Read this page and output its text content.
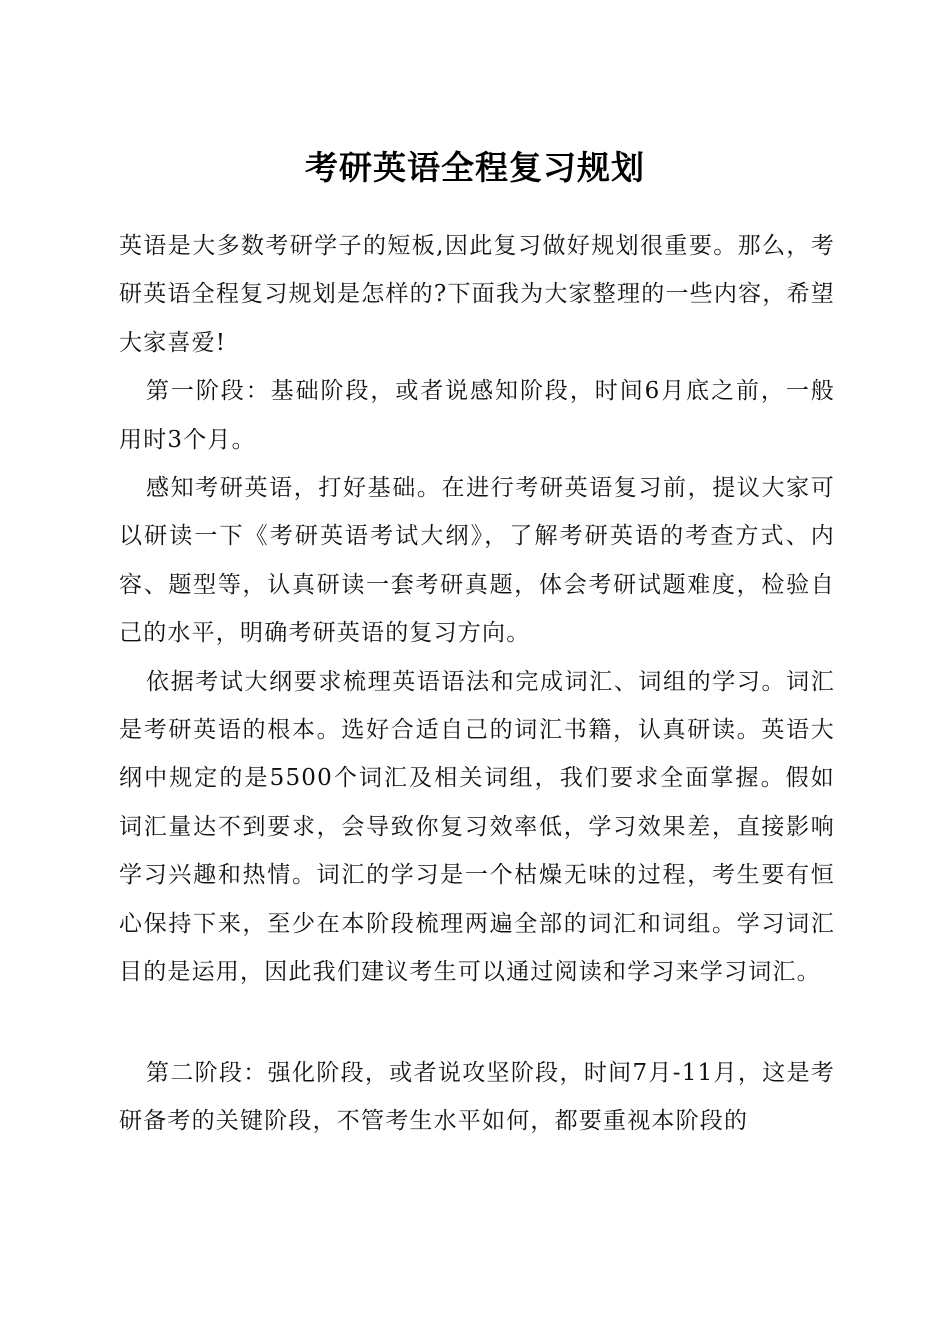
考研英语全程复习规划

英语是大多数考研学子的短板,因此复习做好规划很重要。那么，考研英语全程复习规划是怎样的?下面我为大家整理的一些内容，希望大家喜爱!

第一阶段：基础阶段，或者说感知阶段，时间6月底之前，一般用时3个月。

感知考研英语，打好基础。在进行考研英语复习前，提议大家可以研读一下《考研英语考试大纲》，了解考研英语的考查方式、内容、题型等，认真研读一套考研真题，体会考研试题难度，检验自己的水平，明确考研英语的复习方向。

依据考试大纲要求梳理英语语法和完成词汇、词组的学习。词汇是考研英语的根本。选好合适自己的词汇书籍，认真研读。英语大纲中规定的是5500个词汇及相关词组，我们要求全面掌握。假如词汇量达不到要求，会导致你复习效率低，学习效果差，直接影响学习兴趣和热情。词汇的学习是一个枯燥无味的过程，考生要有恒心保持下来，至少在本阶段梳理两遍全部的词汇和词组。学习词汇目的是运用，因此我们建议考生可以通过阅读和学习来学习词汇。

第二阶段：强化阶段，或者说攻坚阶段，时间7月-11月，这是考研备考的关键阶段，不管考生水平如何，都要重视本阶段的
